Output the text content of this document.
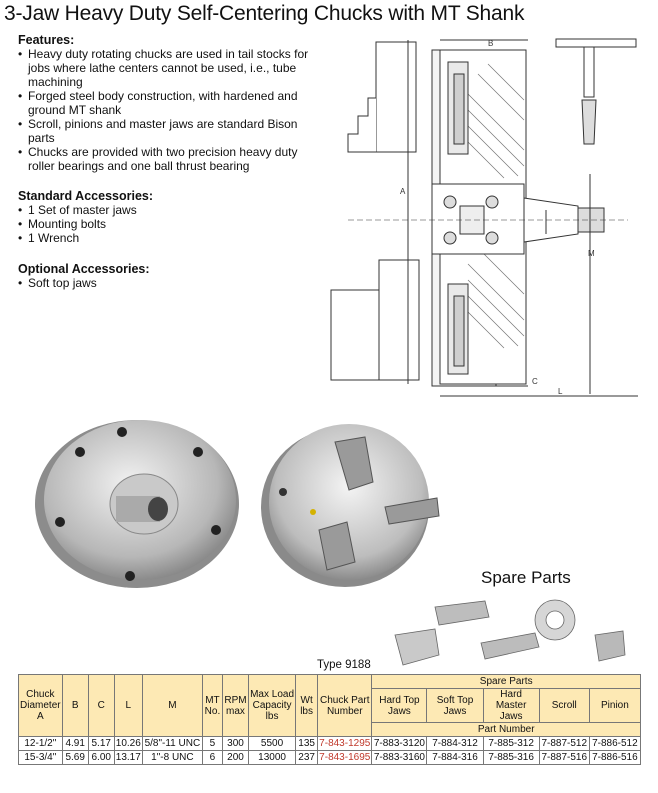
3-Jaw Heavy Duty Self-Centering Chucks with MT Shank
Features:
• Heavy duty rotating chucks are used in tail stocks for jobs where lathe centers cannot be used, i.e., tube machining
• Forged steel body construction, with hardened and ground MT shank
• Scroll, pinions and master jaws are standard Bison parts
• Chucks are provided with two precision heavy duty roller bearings and one ball thrust bearing
Standard Accessories:
• 1 Set of master jaws
• Mounting bolts
• 1 Wrench
Optional Accessories:
• Soft top jaws
B
A
M
L
C
Spare Parts
Type 9188
Chuck Diameter A	B	C	L	M	MT No.	RPM max	Max Load Capacity lbs	Wt lbs	Chuck Part Number	Spare Parts				
										Hard Top Jaws	Soft Top Jaws	Hard Master Jaws	Scroll	Pinion
										Part Number				
12-1/2"	4.91	5.17	10.26	5/8"-11 UNC	5	300	5500	135	7-843-1295	7-883-3120	7-884-312	7-885-312	7-887-512	7-886-512
15-3/4"	5.69	6.00	13.17	1"-8 UNC	6	200	13000	237	7-843-1695	7-883-3160	7-884-316	7-885-316	7-887-516	7-886-516
